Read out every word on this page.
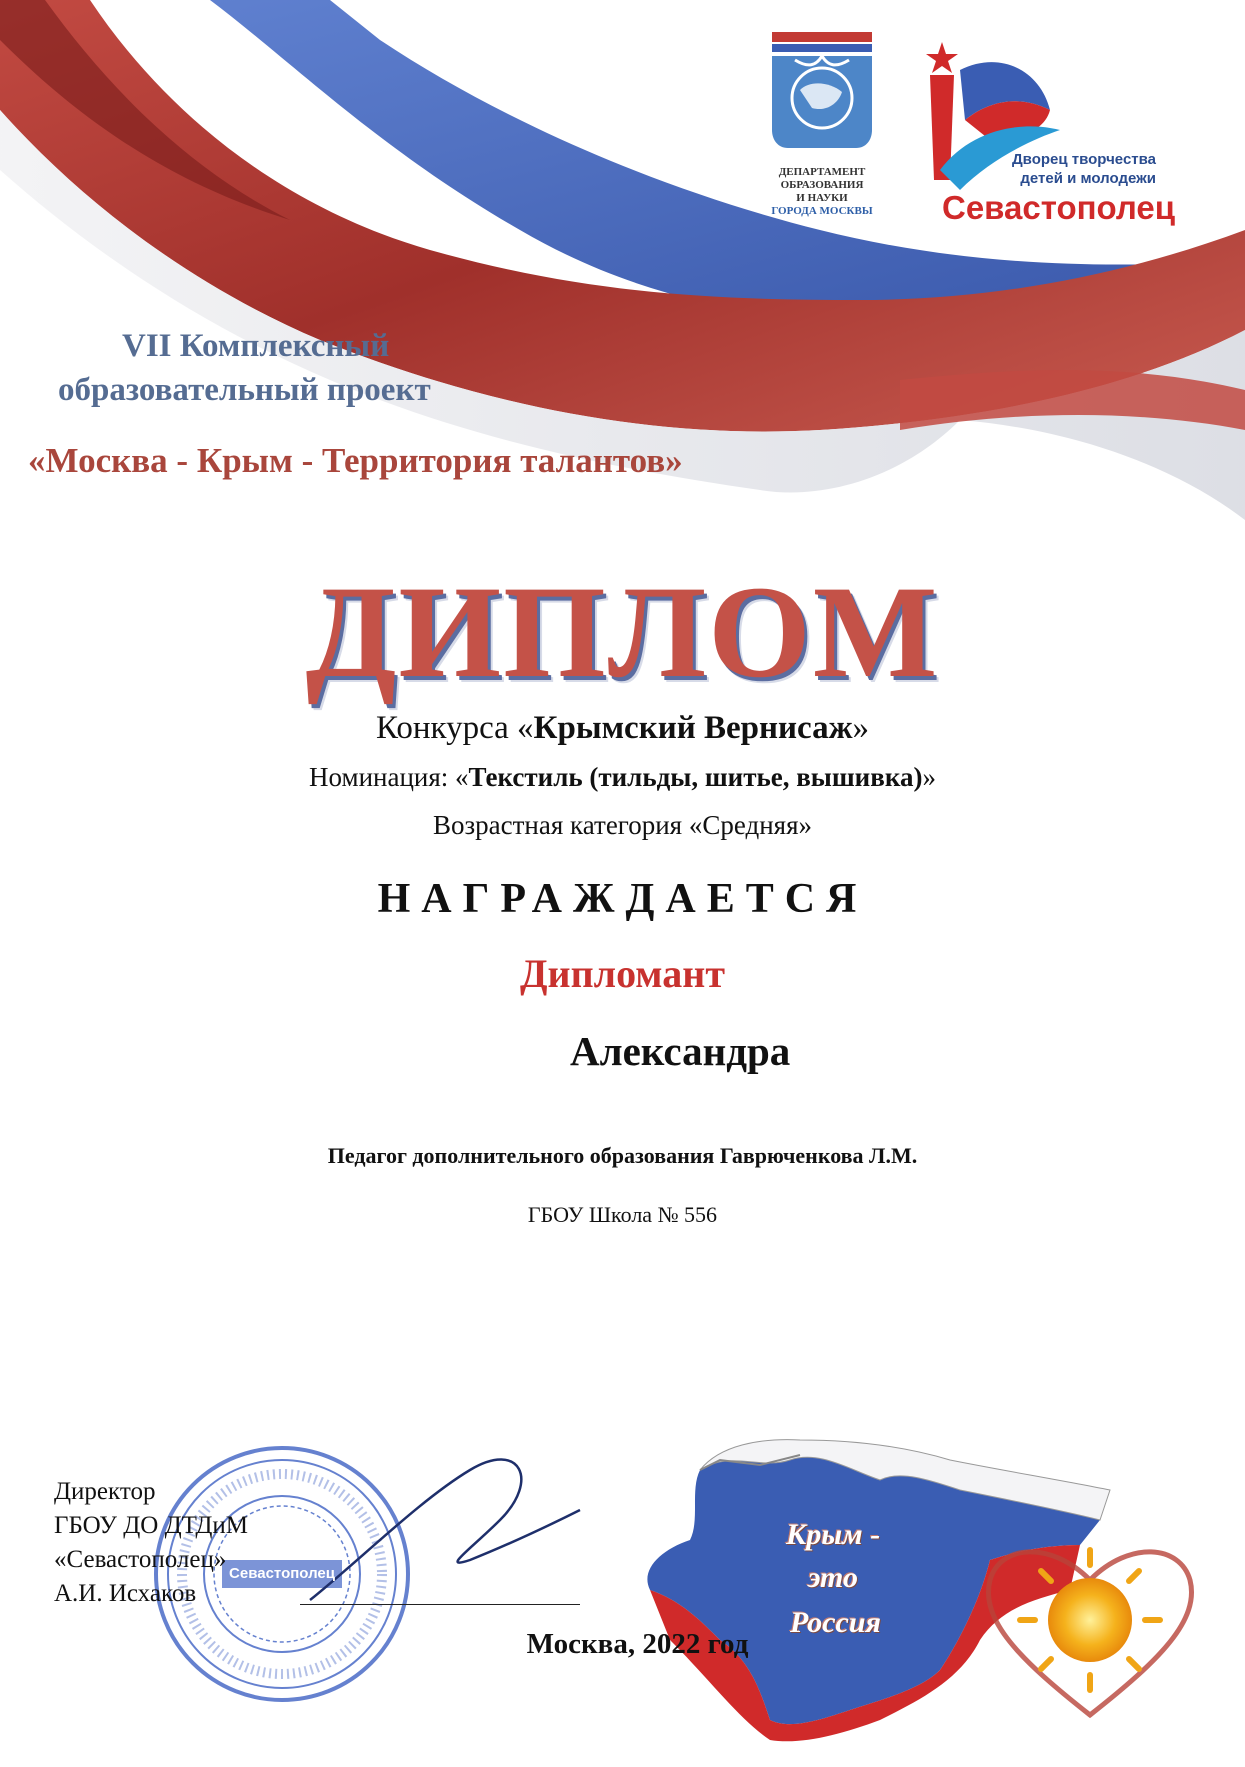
ДЕПАРТАМЕНТ
ОБРАЗОВАНИЯ
И НАУКИ
ГОРОДА МОСКВЫ
Дворец творчества
детей и молодежи
Севастополец
VII Комплексный
образовательный проект
«Москва - Крым - Территория талантов»
ДИПЛОМ
Конкурса «Крымский Вернисаж»
Номинация: «Текстиль (тильды, шитье, вышивка)»
Возрастная категория «Средняя»
НАГРАЖДАЕТСЯ
Дипломант
Александра
Педагог дополнительного образования Гаврюченкова Л.М.
ГБОУ Школа № 556
Директор
ГБОУ ДО ДТДиМ
«Севастополец»
А.И. Исхаков
Севастополец
Москва, 2022 год
Крым -
это
Россия
